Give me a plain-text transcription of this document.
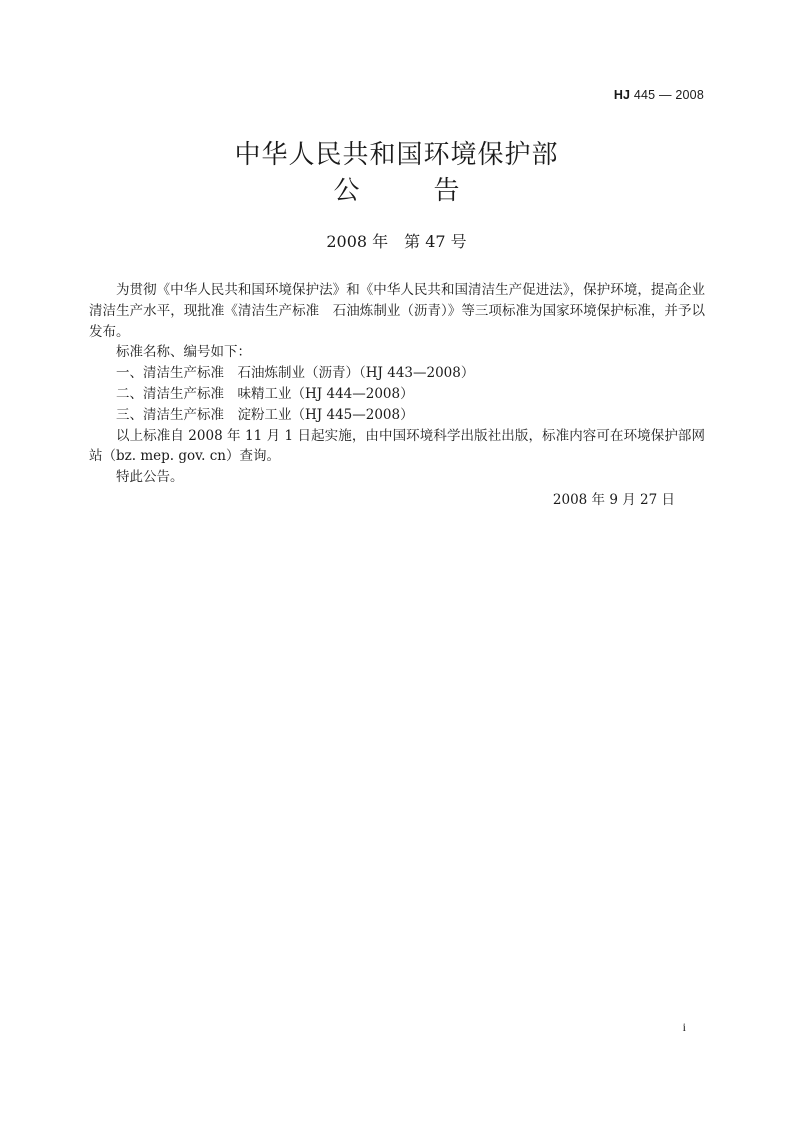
HJ 445 — 2008
中华人民共和国环境保护部
公	告
2008 年　第 47 号

为贯彻《中华人民共和国环境保护法》和《中华人民共和国清洁生产促进法》，保护环境，提高企业清洁生产水平，现批准《清洁生产标准　石油炼制业（沥青）》等三项标准为国家环境保护标准，并予以发布。

标准名称、编号如下：

一、清洁生产标准　石油炼制业（沥青）（HJ 443—2008）

二、清洁生产标准　味精工业（HJ 444—2008）

三、清洁生产标准　淀粉工业（HJ 445—2008）

以上标准自 2008 年 11 月 1 日起实施，由中国环境科学出版社出版，标准内容可在环境保护部网站（bz. mep. gov. cn）查询。

特此公告。

2008 年 9 月 27 日
i
